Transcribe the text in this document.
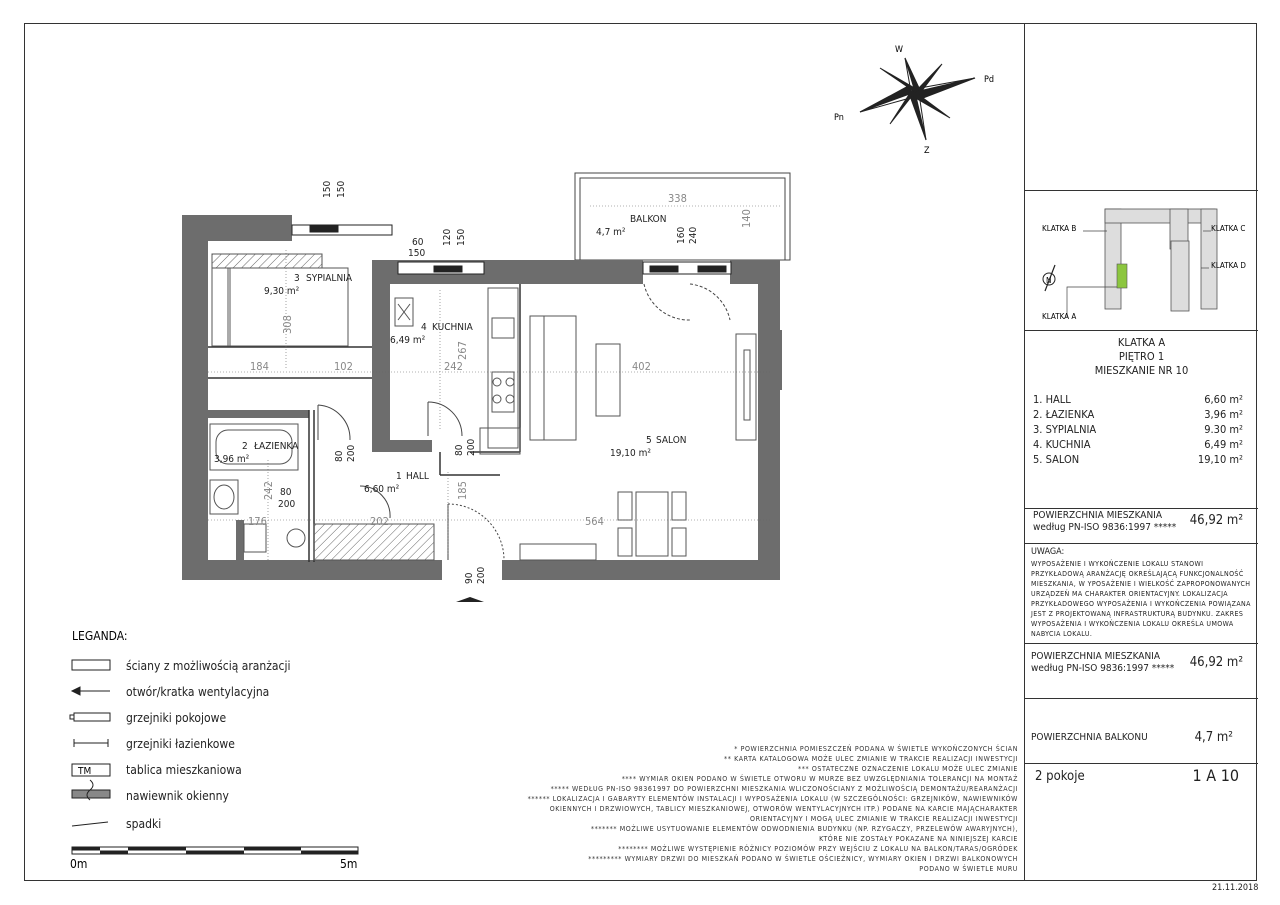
W
Pd
Z
Pn
3 SYPIALNIA
9,30 m²
4 KUCHNIA
6,49 m²
2 ŁAZIENKA
3,96 m²
1 HALL
6,60 m²
5 SALON
19,10 m²
BALKON
4,7 m²
338
184	102	242	402
176	202	564
80
200
60
150
150 150
120 150	160 240
80 200	80 200
90 200
140
308
267
242	185
LEGANDA:
TM
ściany z możliwością aranżacji
otwór/kratka wentylacyjna
grzejniki pokojowe
grzejniki łazienkowe
tablica mieszkaniowa
nawiewnik okienny
spadki
0m	5m
* POWIERZCHNIA POMIESZCZEŃ PODANA W ŚWIETLE WYKOŃCZONYCH ŚCIAN
** KARTA KATALOGOWA MOŻE ULEC ZMIANIE W TRAKCIE REALIZACJI INWESTYCJI
*** OSTATECZNE OZNACZENIE LOKALU MOŻE ULEC ZMIANIE
**** WYMIAR OKIEN PODANO W ŚWIETLE OTWORU W MURZE BEZ UWZGLĘDNIANIA TOLERANCJI NA MONTAŻ
***** WEDŁUG PN-ISO 98361997 DO POWIERZCHNI MIESZKANIA WLICZONOŚCIANY Z MOŻLIWOŚCIĄ DEMONTAŻU/REARANŻACJI
****** LOKALIZACJA I GABARYTY ELEMENTÓW INSTALACJI I WYPOSAŻENIA LOKALU (W SZCZEGÓLNOŚCI: GRZEJNIKÓW, NAWIEWNIKÓW
OKIENNYCH I DRZWIOWYCH, TABLICY MIESZKANIOWEJ, OTWORÓW WENTYLACYJNYCH ITP.) PODANE NA KARCIE MAJĄCHARAKTER
ORIENTACYJNY I MOGĄ ULEC ZMIANIE W TRAKCIE REALIZACJI INWESTYCJI
******* MOŻLIWE USYTUOWANIE ELEMENTÓW ODWODNIENIA BUDYNKU (NP. RZYGACZY, PRZELEWÓW AWARYJNYCH),
KTÓRE NIE ZOSTAŁY POKAZANE NA NINIEJSZEJ KARCIE
******** MOŻLIWE WYSTĘPIENIE RÓŻNICY POZIOMÓW PRZY WEJŚCIU Z LOKALU NA BALKON/TARAS/OGRÓDEK
********* WYMIARY DRZWI DO MIESZKAŃ PODANO W ŚWIETLE OŚCIEŻNICY, WYMIARY OKIEN I DRZWI BALKONOWYCH
PODANO W ŚWIETLE MURU
21.11.2018
N
KLATKA B	KLATKA C
KLATKA D
KLATKA A
KLATKA A
PIĘTRO 1
MIESZKANIE NR 10
1. HALL	6,60 m²
2. ŁAZIENKA	3,96 m²
3. SYPIALNIA	9.30 m²
4. KUCHNIA	6,49 m²
5. SALON	19,10 m²
POWIERZCHNIA MIESZKANIA
według PN-ISO 9836:1997 ***** 46,92 m²
UWAGA:
WYPOSAŻENIE I WYKOŃCZENIE LOKALU STANOWI PRZYKŁADOWĄ ARANŻACJĘ OKREŚLAJĄCĄ FUNKCJONALNOŚĆ MIESZKANIA, W YPOSAŻENIE I WIELKOŚĆ ZAPROPONOWANYCH URZĄDZEŃ MA CHARAKTER ORIENTACYJNY. LOKALIZACJA PRZYKŁADOWEGO WYPOSAŻENIA I WYKOŃCZENIA POWIĄZANA JEST Z PROJEKTOWANĄ INFRASTRUKTURĄ BUDYNKU. ZAKRES WYPOSAŻENIA I WYKOŃCZENIA LOKALU OKREŚLA UMOWA NABYCIA LOKALU.
POWIERZCHNIA MIESZKANIA
według PN-ISO 9836:1997 ***** 46,92 m²
POWIERZCHNIA BALKONU	4,7 m²
2 pokoje	1 A 10
